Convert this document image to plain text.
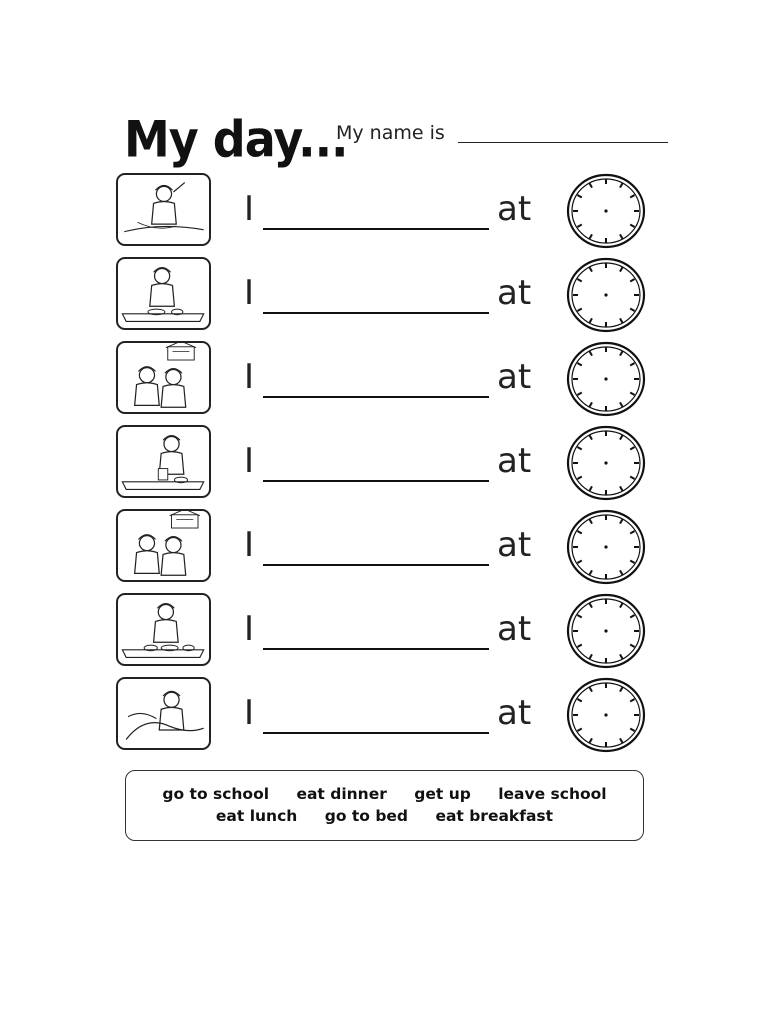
My day...
My name is
I	at
I	at
I	at
I	at
I	at
I	at
I	at
go to school eat dinner get up leave school
eat lunch go to bed eat breakfast
